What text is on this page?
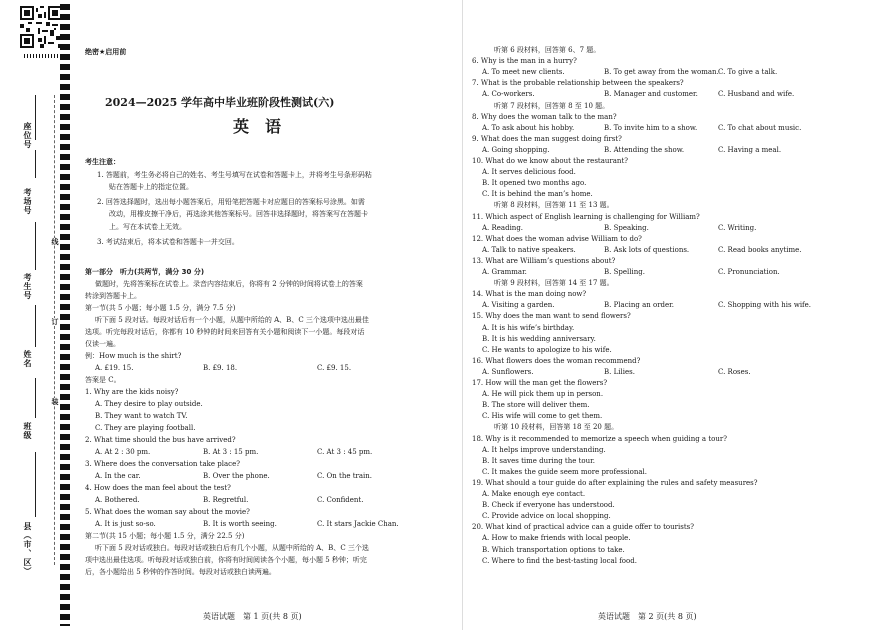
座位号
考场号
考生号
姓名
班级
县（市、区）
线
订
装
绝密★启用前
2024—2025 学年高中毕业班阶段性测试(六)
英　语
考生注意：
1. 答题前，考生务必将自己的姓名、考生号填写在试卷和答题卡上，并将考生号条形码粘
贴在答题卡上的指定位置。
2. 回答选择题时，选出每小题答案后，用铅笔把答题卡对应题目的答案标号涂黑。如需
改动，用橡皮擦干净后，再选涂其他答案标号。回答非选择题时，将答案写在答题卡
上。写在本试卷上无效。
3. 考试结束后，将本试卷和答题卡一并交回。
第一部分　听力(共两节，满分 30 分)
做题时，先将答案标在试卷上。录音内容结束后，你将有 2 分钟的时间将试卷上的答案
转涂到答题卡上。
第一节(共 5 小题；每小题 1.5 分，满分 7.5 分)
听下面 5 段对话。每段对话后有一个小题，从题中所给的 A、B、C 三个选项中选出最佳
选项。听完每段对话后，你都有 10 秒钟的时间来回答有关小题和阅读下一小题。每段对话
仅读一遍。
例：How much is the shirt?
A. £19. 15.	B. £9. 18.	C. £9. 15.
答案是 C。
1. Why are the kids noisy?
A. They desire to play outside.
B. They want to watch TV.
C. They are playing football.
2. What time should the bus have arrived?
A. At 2 : 30 pm.	B. At 3 : 15 pm.	C. At 3 : 45 pm.
3. Where does the conversation take place?
A. In the car.	B. Over the phone.	C. On the train.
4. How does the man feel about the test?
A. Bothered.	B. Regretful.	C. Confident.
5. What does the woman say about the movie?
A. It is just so-so.	B. It is worth seeing.	C. It stars Jackie Chan.
第二节(共 15 小题；每小题 1.5 分，满分 22.5 分)
听下面 5 段对话或独白。每段对话或独白后有几个小题，从题中所给的 A、B、C 三个选
项中选出最佳选项。听每段对话或独白前，你将有时间阅读各个小题，每小题 5 秒钟；听完
后，各小题给出 5 秒钟的作答时间。每段对话或独白读两遍。
英语试题　第 1 页(共 8 页)
听第 6 段材料，回答第 6、7 题。
6. Why is the man in a hurry?
A. To meet new clients.	B. To get away from the woman. C. To give a talk.
7. What is the probable relationship between the speakers?
A. Co-workers.	B. Manager and customer.	C. Husband and wife.
听第 7 段材料，回答第 8 至 10 题。
8. Why does the woman talk to the man?
A. To ask about his hobby.	B. To invite him to a show.	C. To chat about music.
9. What does the man suggest doing first?
A. Going shopping.	B. Attending the show.	C. Having a meal.
10. What do we know about the restaurant?
A. It serves delicious food.
B. It opened two months ago.
C. It is behind the man’s home.
听第 8 段材料，回答第 11 至 13 题。
11. Which aspect of English learning is challenging for William?
A. Reading.	B. Speaking.	C. Writing.
12. What does the woman advise William to do?
A. Talk to native speakers.	B. Ask lots of questions.	C. Read books anytime.
13. What are William’s questions about?
A. Grammar.	B. Spelling.	C. Pronunciation.
听第 9 段材料，回答第 14 至 17 题。
14. What is the man doing now?
A. Visiting a garden.	B. Placing an order.	C. Shopping with his wife.
15. Why does the man want to send flowers?
A. It is his wife’s birthday.
B. It is his wedding anniversary.
C. He wants to apologize to his wife.
16. What flowers does the woman recommend?
A. Sunflowers.	B. Lilies.	C. Roses.
17. How will the man get the flowers?
A. He will pick them up in person.
B. The store will deliver them.
C. His wife will come to get them.
听第 10 段材料，回答第 18 至 20 题。
18. Why is it recommended to memorize a speech when guiding a tour?
A. It helps improve understanding.
B. It saves time during the tour.
C. It makes the guide seem more professional.
19. What should a tour guide do after explaining the rules and safety measures?
A. Make enough eye contact.
B. Check if everyone has understood.
C. Provide advice on local shopping.
20. What kind of practical advice can a guide offer to tourists?
A. How to make friends with local people.
B. Which transportation options to take.
C. Where to find the best-tasting local food.
英语试题　第 2 页(共 8 页)
